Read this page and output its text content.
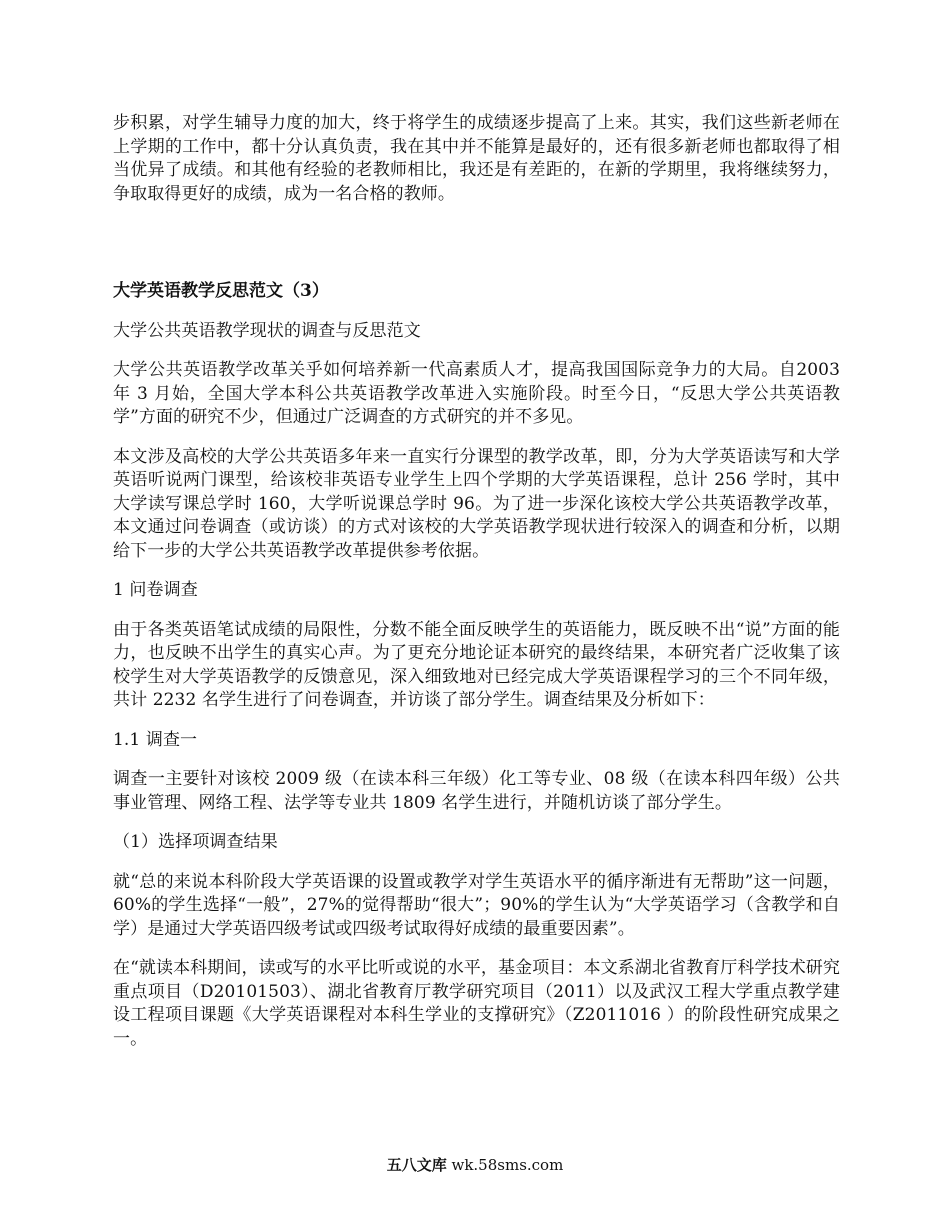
步积累，对学生辅导力度的加大，终于将学生的成绩逐步提高了上来。其实，我们这些新老师在上学期的工作中，都十分认真负责，我在其中并不能算是最好的，还有很多新老师也都取得了相当优异了成绩。和其他有经验的老教师相比，我还是有差距的，在新的学期里，我将继续努力，争取取得更好的成绩，成为一名合格的教师。

大学英语教学反思范文（3）

大学公共英语教学现状的调查与反思范文

大学公共英语教学改革关乎如何培养新一代高素质人才，提高我国国际竞争力的大局。自2003 年 3 月始，全国大学本科公共英语教学改革进入实施阶段。时至今日，“反思大学公共英语教学”方面的研究不少，但通过广泛调查的方式研究的并不多见。

本文涉及高校的大学公共英语多年来一直实行分课型的教学改革，即，分为大学英语读写和大学英语听说两门课型，给该校非英语专业学生上四个学期的大学英语课程，总计 256 学时，其中大学读写课总学时 160，大学听说课总学时 96。为了进一步深化该校大学公共英语教学改革，本文通过问卷调查（或访谈）的方式对该校的大学英语教学现状进行较深入的调查和分析，以期给下一步的大学公共英语教学改革提供参考依据。

1 问卷调查

由于各类英语笔试成绩的局限性，分数不能全面反映学生的英语能力，既反映不出“说”方面的能力，也反映不出学生的真实心声。为了更充分地论证本研究的最终结果，本研究者广泛收集了该校学生对大学英语教学的反馈意见，深入细致地对已经完成大学英语课程学习的三个不同年级，共计 2232 名学生进行了问卷调查，并访谈了部分学生。调查结果及分析如下：

1.1 调查一

调查一主要针对该校 2009 级（在读本科三年级）化工等专业、08 级（在读本科四年级）公共事业管理、网络工程、法学等专业共 1809 名学生进行，并随机访谈了部分学生。

（1）选择项调查结果

就“总的来说本科阶段大学英语课的设置或教学对学生英语水平的循序渐进有无帮助”这一问题，60%的学生选择“一般”，27%的觉得帮助“很大”；90%的学生认为“大学英语学习（含教学和自学）是通过大学英语四级考试或四级考试取得好成绩的最重要因素”。

在“就读本科期间，读或写的水平比听或说的水平，基金项目：本文系湖北省教育厅科学技术研究重点项目（D20101503）、湖北省教育厅教学研究项目（2011）以及武汉工程大学重点教学建设工程项目课题《大学英语课程对本科生学业的支撑研究》（Z2011016 ）的阶段性研究成果之一。

五八文库 wk.58sms.com
